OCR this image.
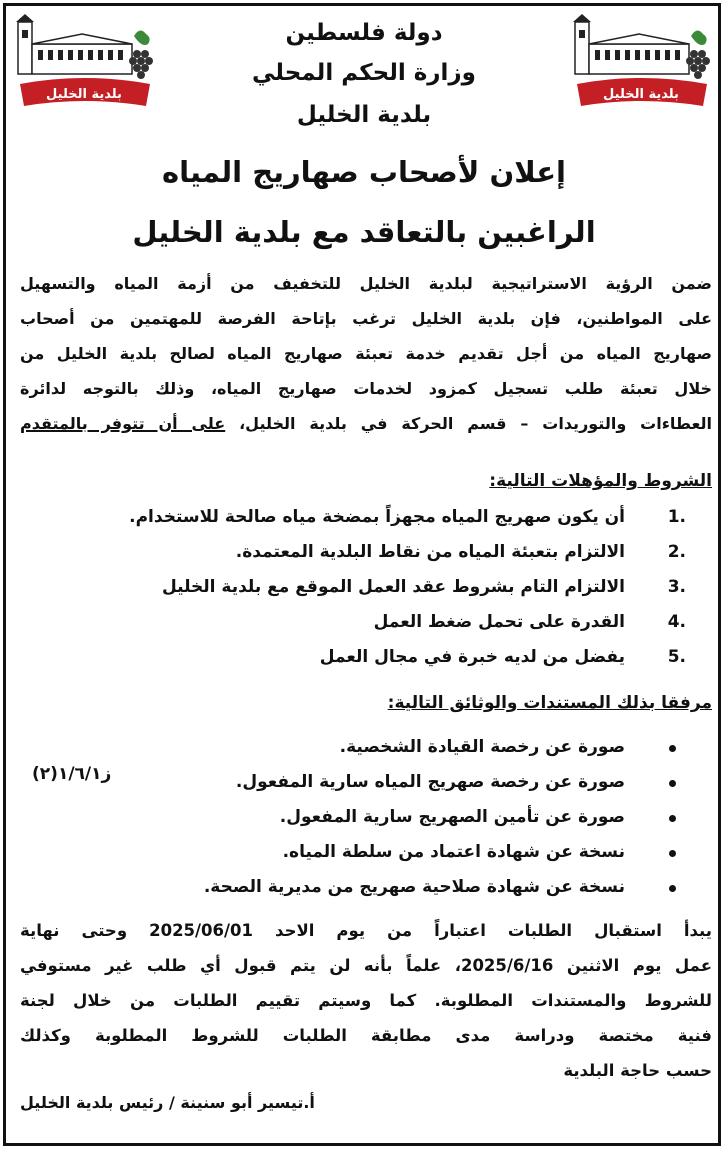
بلدية الخليل	بلدية الخليل
دولة فلسطين
وزارة الحكم المحلي
بلدية الخليل
إعلان لأصحاب صهاريج المياه
الراغبين بالتعاقد مع بلدية الخليل
ضمن الرؤية الاستراتيجية لبلدية الخليل للتخفيف من أزمة المياه والتسهيل
على المواطنين، فإن بلدية الخليل ترغب بإتاحة الفرصة للمهتمين من أصحاب
صهاريج المياه من أجل تقديم خدمة تعبئة صهاريج المياه لصالح بلدية الخليل من
خلال تعبئة طلب تسجيل كمزود لخدمات صهاريج المياه، وذلك بالتوجه لدائرة
العطاءات والتوريدات – قسم الحركة في بلدية الخليل، على أن تتوفر بالمتقدم
الشروط والمؤهلات التالية:
1.
أن يكون صهريج المياه مجهزاً بمضخة مياه صالحة للاستخدام.
2.
الالتزام بتعبئة المياه من نقاط البلدية المعتمدة.
3.
الالتزام التام بشروط عقد العمل الموقع مع بلدية الخليل
4.
القدرة على تحمل ضغط العمل
5.
يفضل من لديه خبرة في مجال العمل
مرفقا بذلك المستندات والوثائق التالية:
صورة عن رخصة القيادة الشخصية.
صورة عن رخصة صهريج المياه سارية المفعول.
صورة عن تأمين الصهريج سارية المفعول.
نسخة عن شهادة اعتماد من سلطة المياه.
نسخة عن شهادة صلاحية صهريج من مديرية الصحة.
ز١/٦/١(٢)
يبدأ استقبال الطلبات اعتباراً من يوم الاحد 2025/06/01 وحتى نهاية
عمل يوم الاثنين 2025/6/16، علماً بأنه لن يتم قبول أي طلب غير مستوفي
للشروط والمستندات المطلوبة. كما وسيتم تقييم الطلبات من خلال لجنة
فنية مختصة ودراسة مدى مطابقة الطلبات للشروط المطلوبة وكذلك
حسب حاجة البلدية
أ.تيسير أبو سنينة / رئيس بلدية الخليل
